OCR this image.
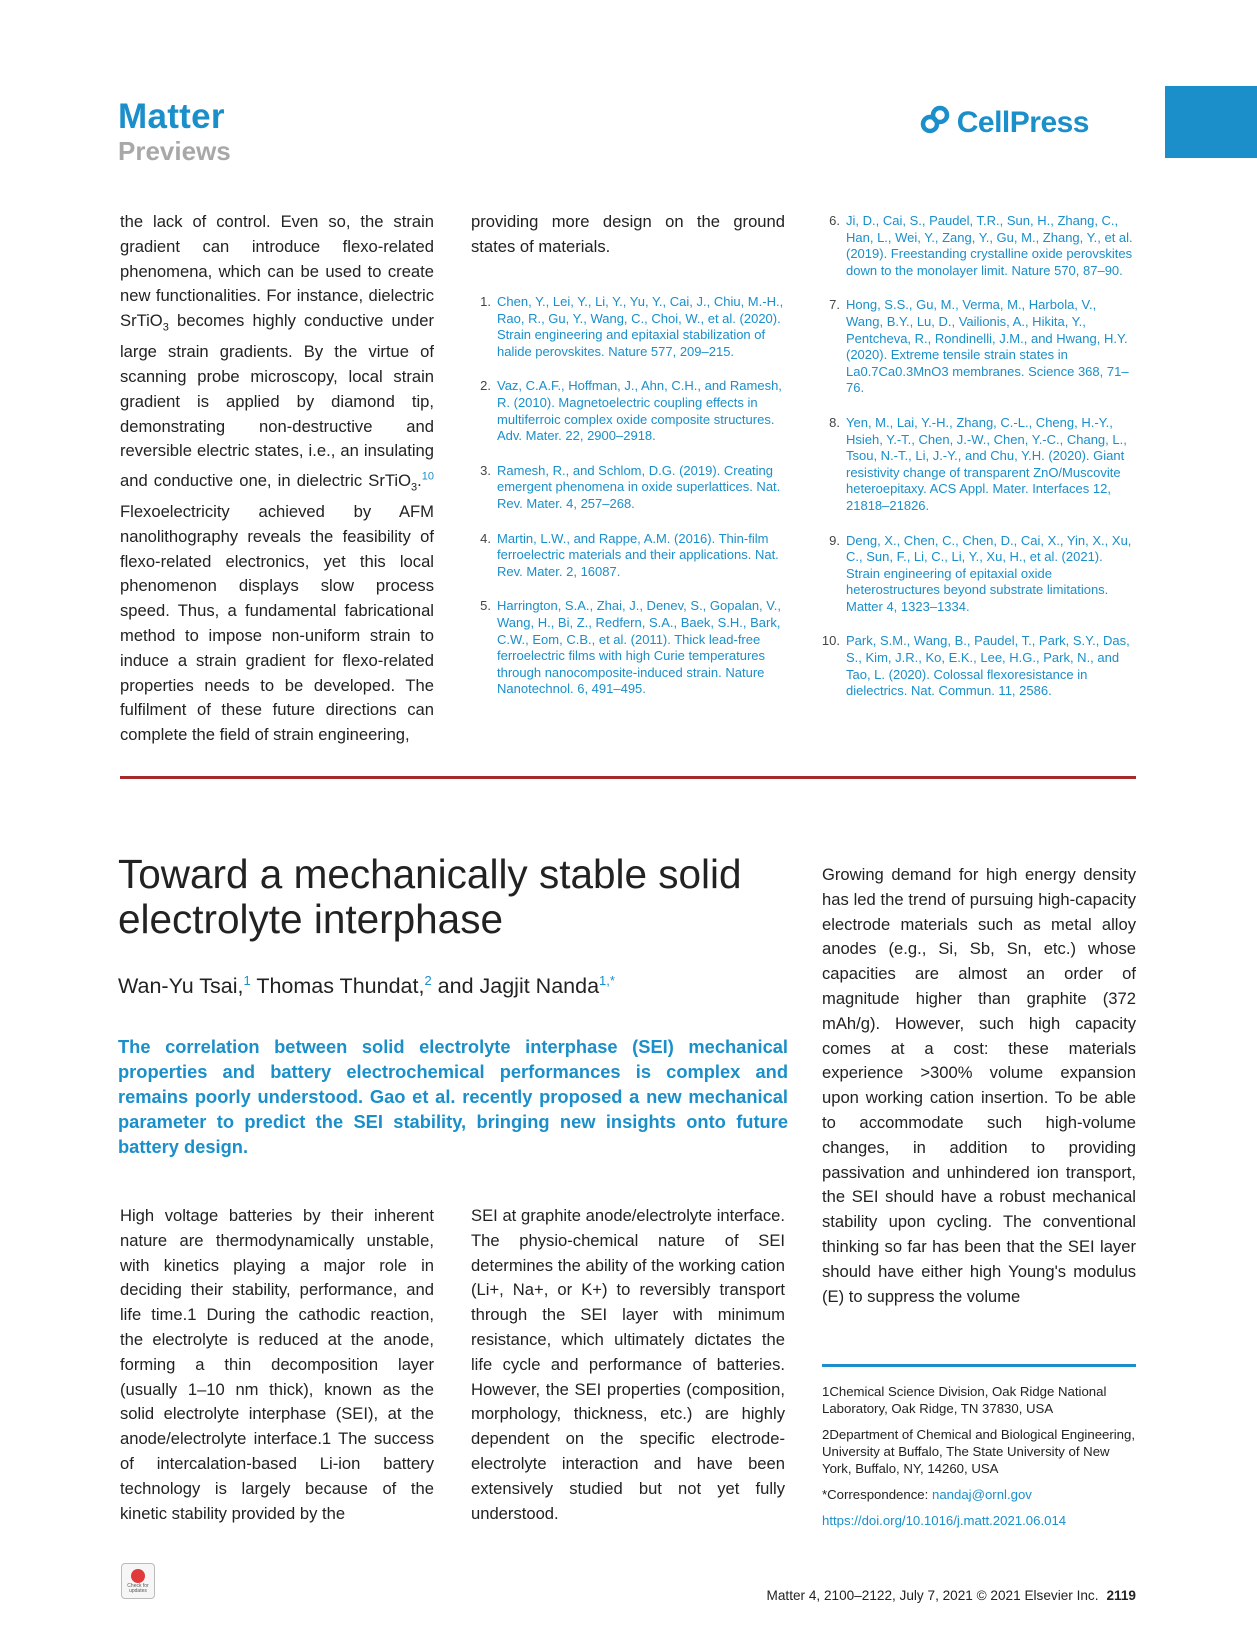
Matter
Previews
CellPress
the lack of control. Even so, the strain gradient can introduce flexo-related phenomena, which can be used to create new functionalities. For instance, dielectric SrTiO$_3$ becomes highly conductive under large strain gradients. By the virtue of scanning probe microscopy, local strain gradient is applied by diamond tip, demonstrating non-destructive and reversible electric states, i.e., an insulating and conductive one, in dielectric SrTiO$_3$.$^{10}$ Flexoelectricity achieved by AFM nanolithography reveals the feasibility of flexo-related electronics, yet this local phenomenon displays slow process speed. Thus, a fundamental fabricational method to impose non-uniform strain to induce a strain gradient for flexo-related properties needs to be developed. The fulfilment of these future directions can complete the field of strain engineering,
providing more design on the ground states of materials.
1. Chen, Y., Lei, Y., Li, Y., Yu, Y., Cai, J., Chiu, M.-H., Rao, R., Gu, Y., Wang, C., Choi, W., et al. (2020). Strain engineering and epitaxial stabilization of halide perovskites. Nature 577, 209–215.
2. Vaz, C.A.F., Hoffman, J., Ahn, C.H., and Ramesh, R. (2010). Magnetoelectric coupling effects in multiferroic complex oxide composite structures. Adv. Mater. 22, 2900–2918.
3. Ramesh, R., and Schlom, D.G. (2019). Creating emergent phenomena in oxide superlattices. Nat. Rev. Mater. 4, 257–268.
4. Martin, L.W., and Rappe, A.M. (2016). Thin-film ferroelectric materials and their applications. Nat. Rev. Mater. 2, 16087.
5. Harrington, S.A., Zhai, J., Denev, S., Gopalan, V., Wang, H., Bi, Z., Redfern, S.A., Baek, S.H., Bark, C.W., Eom, C.B., et al. (2011). Thick lead-free ferroelectric films with high Curie temperatures through nanocomposite-induced strain. Nature Nanotechnol. 6, 491–495.
6. Ji, D., Cai, S., Paudel, T.R., Sun, H., Zhang, C., Han, L., Wei, Y., Zang, Y., Gu, M., Zhang, Y., et al. (2019). Freestanding crystalline oxide perovskites down to the monolayer limit. Nature 570, 87–90.
7. Hong, S.S., Gu, M., Verma, M., Harbola, V., Wang, B.Y., Lu, D., Vailionis, A., Hikita, Y., Pentcheva, R., Rondinelli, J.M., and Hwang, H.Y. (2020). Extreme tensile strain states in La0.7Ca0.3MnO3 membranes. Science 368, 71–76.
8. Yen, M., Lai, Y.-H., Zhang, C.-L., Cheng, H.-Y., Hsieh, Y.-T., Chen, J.-W., Chen, Y.-C., Chang, L., Tsou, N.-T., Li, J.-Y., and Chu, Y.H. (2020). Giant resistivity change of transparent ZnO/Muscovite heteroepitaxy. ACS Appl. Mater. Interfaces 12, 21818–21826.
9. Deng, X., Chen, C., Chen, D., Cai, X., Yin, X., Xu, C., Sun, F., Li, C., Li, Y., Xu, H., et al. (2021). Strain engineering of epitaxial oxide heterostructures beyond substrate limitations. Matter 4, 1323–1334.
10. Park, S.M., Wang, B., Paudel, T., Park, S.Y., Das, S., Kim, J.R., Ko, E.K., Lee, H.G., Park, N., and Tao, L. (2020). Colossal flexoresistance in dielectrics. Nat. Commun. 11, 2586.
Toward a mechanically stable solid electrolyte interphase
Wan-Yu Tsai,$^1$ Thomas Thundat,$^2$ and Jagjit Nanda$^{1,*}$
The correlation between solid electrolyte interphase (SEI) mechanical properties and battery electrochemical performances is complex and remains poorly understood. Gao et al. recently proposed a new mechanical parameter to predict the SEI stability, bringing new insights onto future battery design.
High voltage batteries by their inherent nature are thermodynamically unstable, with kinetics playing a major role in deciding their stability, performance, and life time.1 During the cathodic reaction, the electrolyte is reduced at the anode, forming a thin decomposition layer (usually 1–10 nm thick), known as the solid electrolyte interphase (SEI), at the anode/electrolyte interface.1 The success of intercalation-based Li-ion battery technology is largely because of the kinetic stability provided by the
SEI at graphite anode/electrolyte interface. The physio-chemical nature of SEI determines the ability of the working cation (Li+, Na+, or K+) to reversibly transport through the SEI layer with minimum resistance, which ultimately dictates the life cycle and performance of batteries. However, the SEI properties (composition, morphology, thickness, etc.) are highly dependent on the specific electrode-electrolyte interaction and have been extensively studied but not yet fully understood.
Growing demand for high energy density has led the trend of pursuing high-capacity electrode materials such as metal alloy anodes (e.g., Si, Sb, Sn, etc.) whose capacities are almost an order of magnitude higher than graphite (372 mAh/g). However, such high capacity comes at a cost: these materials experience >300% volume expansion upon working cation insertion. To be able to accommodate such high-volume changes, in addition to providing passivation and unhindered ion transport, the SEI should have a robust mechanical stability upon cycling. The conventional thinking so far has been that the SEI layer should have either high Young's modulus (E) to suppress the volume

1Chemical Science Division, Oak Ridge National Laboratory, Oak Ridge, TN 37830, USA

2Department of Chemical and Biological Engineering, University at Buffalo, The State University of New York, Buffalo, NY, 14260, USA

*Correspondence: nandaj@ornl.gov

https://doi.org/10.1016/j.matt.2021.06.014

Check for updates	Matter 4, 2100–2122, July 7, 2021 © 2021 Elsevier Inc. 2119
